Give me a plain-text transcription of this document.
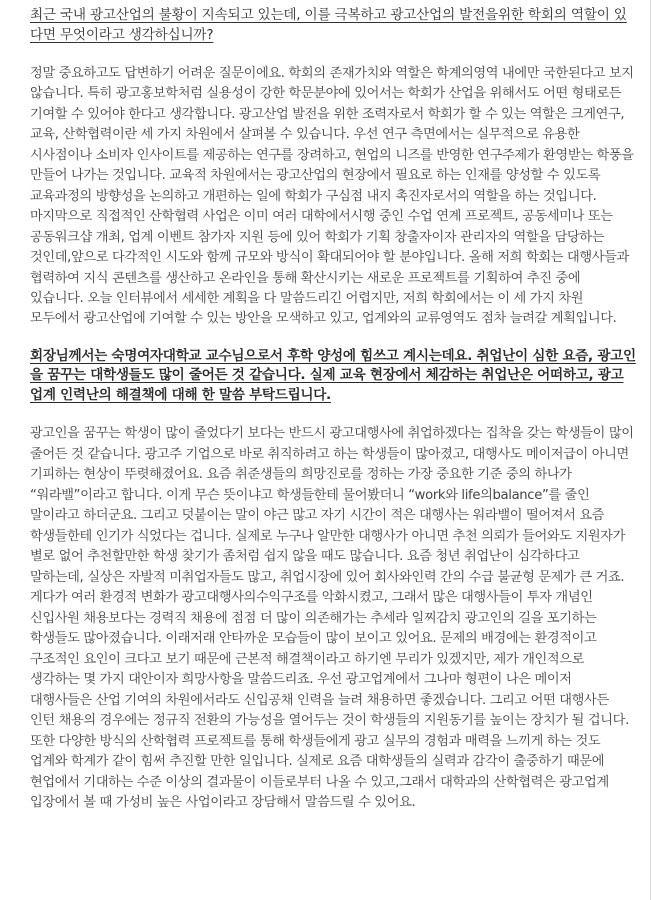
최근 국내 광고산업의 불황이 지속되고 있는데, 이를 극복하고 광고산업의 발전을위한 학회의 역할이 있다면 무엇이라고 생각하십니까?

정말 중요하고도 답변하기 어려운 질문이에요. 학회의 존재가치와 역할은 학계의영역 내에만 국한된다고 보지 않습니다. 특히 광고홍보학처럼 실용성이 강한 학문분야에 있어서는 학회가 산업을 위해서도 어떤 형태로든 기여할 수 있어야 한다고 생각합니다. 광고산업 발전을 위한 조력자로서 학회가 할 수 있는 역할은 크게연구, 교육, 산학협력이란 세 가지 차원에서 살펴볼 수 있습니다. 우선 연구 측면에서는 실무적으로 유용한 시사점이나 소비자 인사이트를 제공하는 연구를 장려하고, 현업의 니즈를 반영한 연구주제가 환영받는 학풍을 만들어 나가는 것입니다. 교육적 차원에서는 광고산업의 현장에서 필요로 하는 인재를 양성할 수 있도록 교육과정의 방향성을 논의하고 개편하는 일에 학회가 구심점 내지 촉진자로서의 역할을 하는 것입니다. 마지막으로 직접적인 산학협력 사업은 이미 여러 대학에서시행 중인 수업 연계 프로젝트, 공동세미나 또는 공동워크샵 개최, 업계 이벤트 참가자 지원 등에 있어 학회가 기획 창출자이자 관리자의 역할을 담당하는 것인데,앞으로 다각적인 시도와 함께 규모와 방식이 확대되어야 할 분야입니다. 올해 저희 학회는 대행사들과 협력하여 지식 콘텐츠를 생산하고 온라인을 통해 확산시키는 새로운 프로젝트를 기획하여 추진 중에 있습니다. 오늘 인터뷰에서 세세한 계획을 다 말씀드리긴 어렵지만, 저희 학회에서는 이 세 가지 차원 모두에서 광고산업에 기여할 수 있는 방안을 모색하고 있고, 업계와의 교류영역도 점차 늘려갈 계획입니다.

회장님께서는 숙명여자대학교 교수님으로서 후학 양성에 힘쓰고 계시는데요. 취업난이 심한 요즘, 광고인을 꿈꾸는 대학생들도 많이 줄어든 것 같습니다. 실제 교육 현장에서 체감하는 취업난은 어떠하고, 광고업계 인력난의 해결책에 대해 한 말씀 부탁드립니다.

광고인을 꿈꾸는 학생이 많이 줄었다기 보다는 반드시 광고대행사에 취업하겠다는 집착을 갖는 학생들이 많이 줄어든 것 같습니다. 광고주 기업으로 바로 취직하려고 하는 학생들이 많아졌고, 대행사도 메이저급이 아니면 기피하는 현상이 뚜렷해졌어요. 요즘 취준생들의 희망진로를 정하는 가장 중요한 기준 중의 하나가 “워라밸”이라고 합니다. 이게 무슨 뜻이냐고 학생들한테 물어봤더니 “work와 life의balance”를 줄인 말이라고 하더군요. 그리고 덧붙이는 말이 야근 많고 자기 시간이 적은 대행사는 워라밸이 떨어져서 요즘 학생들한테 인기가 식었다는 겁니다. 실제로 누구나 알만한 대행사가 아니면 추천 의뢰가 들어와도 지원자가 별로 없어 추천할만한 학생 찾기가 좀처럼 쉽지 않을 때도 많습니다. 요즘 청년 취업난이 심각하다고 말하는데, 실상은 자발적 미취업자들도 많고, 취업시장에 있어 회사와인력 간의 수급 불균형 문제가 큰 거죠. 게다가 여러 환경적 변화가 광고대행사의수익구조를 악화시켰고, 그래서 많은 대행사들이 투자 개념인 신입사원 채용보다는 경력직 채용에 점점 더 많이 의존해가는 추세라 일찌감치 광고인의 길을 포기하는 학생들도 많아졌습니다. 이래저래 안타까운 모습들이 많이 보이고 있어요. 문제의 배경에는 환경적이고 구조적인 요인이 크다고 보기 때문에 근본적 해결책이라고 하기엔 무리가 있겠지만, 제가 개인적으로 생각하는 몇 가지 대안이자 희망사항을 말씀드리죠. 우선 광고업계에서 그나마 형편이 나은 메이저 대행사들은 산업 기여의 차원에서라도 신입공채 인력을 늘려 채용하면 좋겠습니다. 그리고 어떤 대행사든 인턴 채용의 경우에는 정규직 전환의 가능성을 열어두는 것이 학생들의 지원동기를 높이는 장치가 될 겁니다. 또한 다양한 방식의 산학협력 프로젝트를 통해 학생들에게 광고 실무의 경험과 매력을 느끼게 하는 것도 업계와 학계가 같이 힘써 추진할 만한 일입니다. 실제로 요즘 대학생들의 실력과 감각이 출중하기 때문에 현업에서 기대하는 수준 이상의 결과물이 이들로부터 나올 수 있고,그래서 대학과의 산학협력은 광고업계 입장에서 볼 때 가성비 높은 사업이라고 장담해서 말씀드릴 수 있어요.
